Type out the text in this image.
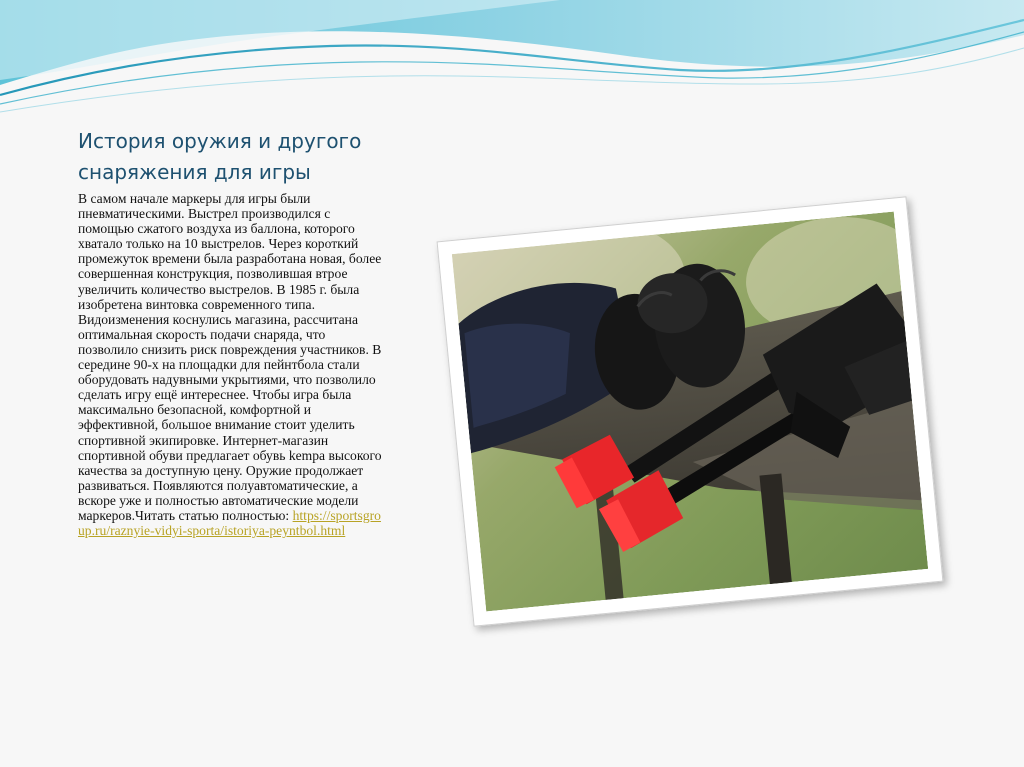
История оружия и другого снаряжения для игры
В самом начале маркеры для игры были пневматическими. Выстрел производился с помощью сжатого воздуха из баллона, которого хватало только на 10 выстрелов. Через короткий промежуток времени была разработана новая, более совершенная конструкция, позволившая втрое увеличить количество выстрелов. В 1985 г. была изобретена винтовка современного типа. Видоизменения коснулись магазина, рассчитана оптимальная скорость подачи снаряда, что позволило снизить риск повреждения участников. В середине 90-х на площадки для пейнтбола стали оборудовать надувными укрытиями, что позволило сделать игру ещё интереснее. Чтобы игра была максимально безопасной, комфортной и эффективной, большое внимание стоит уделить спортивной экипировке. Интернет-магазин спортивной обуви предлагает обувь kempa высокого качества за доступную цену. Оружие продолжает развиваться. Появляются полуавтоматические, а вскоре уже и полностью автоматические модели маркеров.Читать статью полностью: https://sportsgroup.ru/raznyie-vidyi-sporta/istoriya-peyntbol.html
